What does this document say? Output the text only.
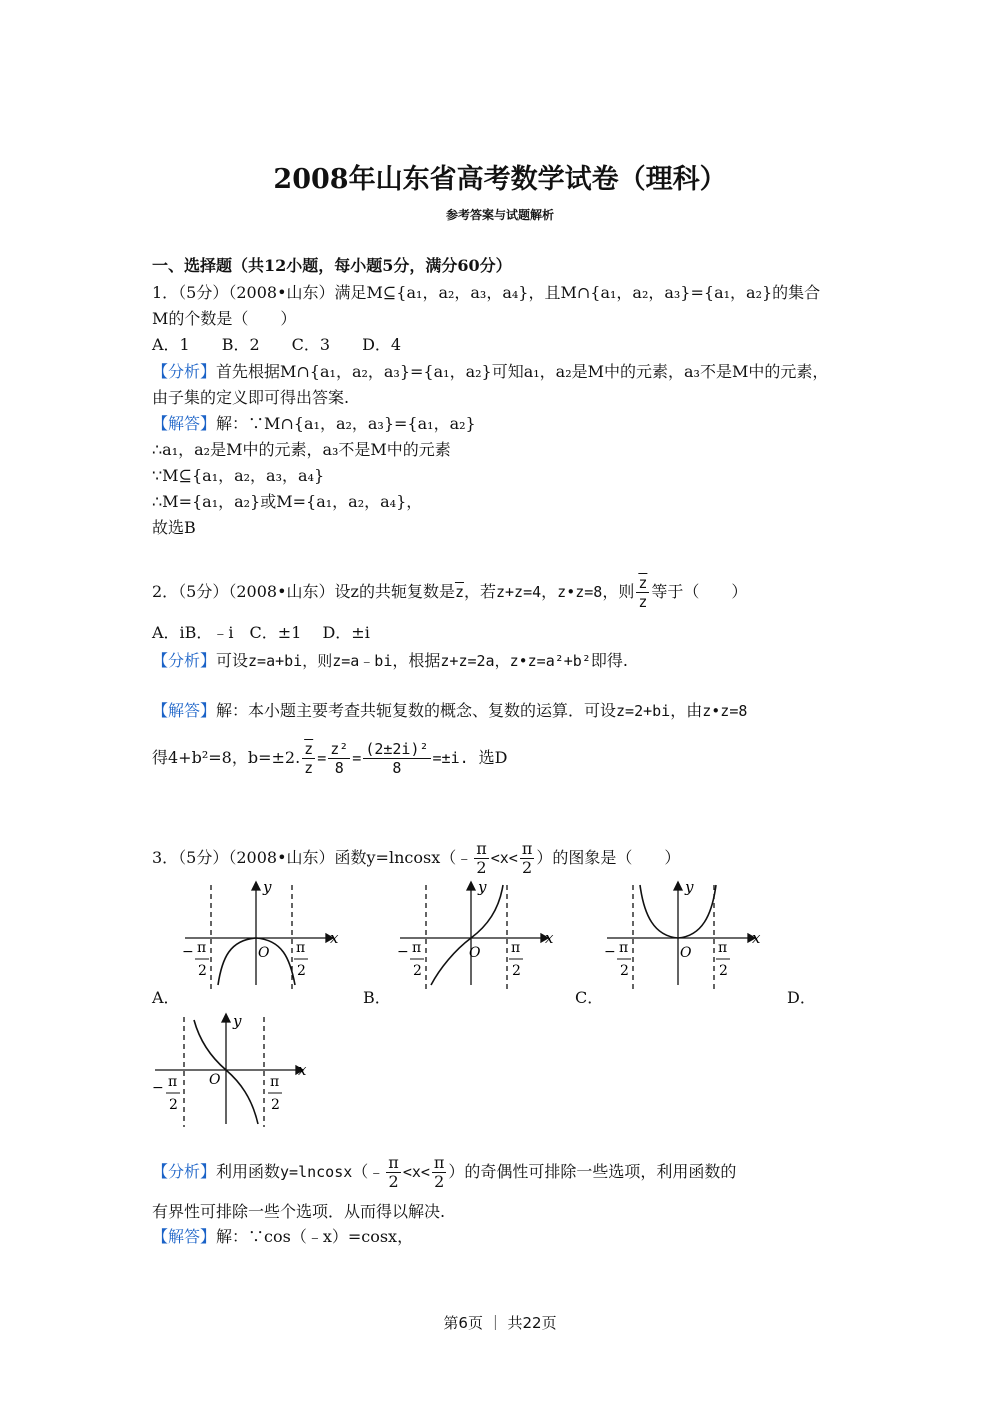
2008年山东省高考数学试卷（理科）
参考答案与试题解析
一、选择题（共12小题，每小题5分，满分60分）
1．（5分）（2008•山东）满足M⊆{a₁，a₂，a₃，a₄}，且M∩{a₁，a₂，a₃}={a₁，a₂}的集合
M的个数是（　　）
A．1　　B．2　　C．3　　D．4
【分析】首先根据M∩{a₁，a₂，a₃}={a₁，a₂}可知a₁，a₂是M中的元素，a₃不是M中的元素，
由子集的定义即可得出答案.
【解答】解：∵M∩{a₁，a₂，a₃}={a₁，a₂}
∴a₁，a₂是M中的元素，a₃不是M中的元素
∵M⊆{a₁，a₂，a₃，a₄}
∴M={a₁，a₂}或M={a₁，a₂，a₄}，
故选B
2．（5分）（2008•山东）设z的共轭复数是$\overline{z}$，若z+z=4，z•z=8，则 $\frac{\overline{z}}{z}$ 等于（　　）
A．iB．﹣i　C．±1　 D．±i
【分析】可设z=a+bi，则z=a﹣bi，根据z+z=2a，z•z=a²+b²即得.
【解答】解：本小题主要考查共轭复数的概念、复数的运算．可设z=2+bi，由z•z=8
得4+b²=8，b=±2. $\frac{\overline{z}}{z} = \frac{\text{z²}}{8} = \frac{\text{(2±2i)²}}{8} =\pm i$. 选D
3．（5分）（2008•山东）函数y=lncosx（﹣ $\frac{\pi}{2} <x< \frac{\pi}{2}$ ）的图象是（　　）
y
x
O
− π
2
π
2
y
x
O
− π
2
π
2
y
x
O
− π
2
π
2
A．	B．	C．	D．
y
x
O
− π
2
π
2
【分析】利用函数y=lncosx（﹣ $\frac{\pi}{2} <x< \frac{\pi}{2}$ ）的奇偶性可排除一些选项，利用函数的
有界性可排除一些个选项．从而得以解决.
【解答】解：∵cos（﹣x）=cosx，
第6页 ｜ 共22页
